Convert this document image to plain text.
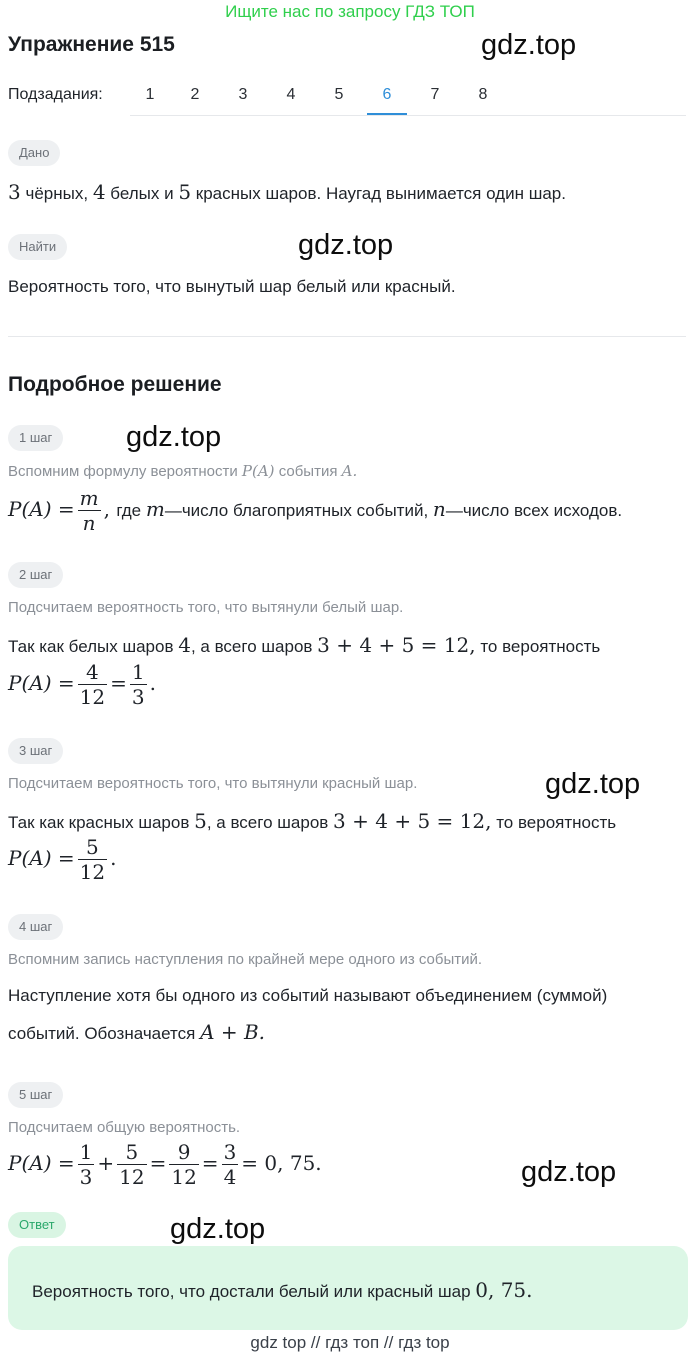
Ищите нас по запросу ГДЗ ТОП
Упражнение 515	gdz.top
Подзадания:	1	2	3	4	5	6	7	8
Дано
3 чёрных, 4 белых и 5 красных шаров. Наугад вынимается один шар.
Найти	gdz.top
Вероятность того, что вынутый шар белый или красный.
Подробное решение
1 шаг	gdz.top
Вспомним формулу вероятности P(A) события A.
$P(A) = \frac{m}{n}$ , где m—число благоприятных событий, n—число всех исходов.
2 шаг
Подсчитаем вероятность того, что вытянули белый шар.
Так как белых шаров 4, а всего шаров 3 + 4 + 5 = 12, то вероятность
$P(A) = \frac{4}{12} = \frac{1}{3}$ .
3 шаг
Подсчитаем вероятность того, что вытянули красный шар.	gdz.top
Так как красных шаров 5, а всего шаров 3 + 4 + 5 = 12, то вероятность
$P(A) = \frac{5}{12}$ .
4 шаг
Вспомним запись наступления по крайней мере одного из событий.
Наступление хотя бы одного из событий называют объединением (суммой)
событий. Обозначается A + B.
5 шаг
Подсчитаем общую вероятность.
$P(A) = \frac{1}{3} + \frac{5}{12} = \frac{9}{12} = \frac{3}{4} = 0$, 75.	gdz.top
Ответ	gdz.top
Вероятность того, что достали белый или красный шар 0, 75.
gdz top // гдз топ // гдз top
